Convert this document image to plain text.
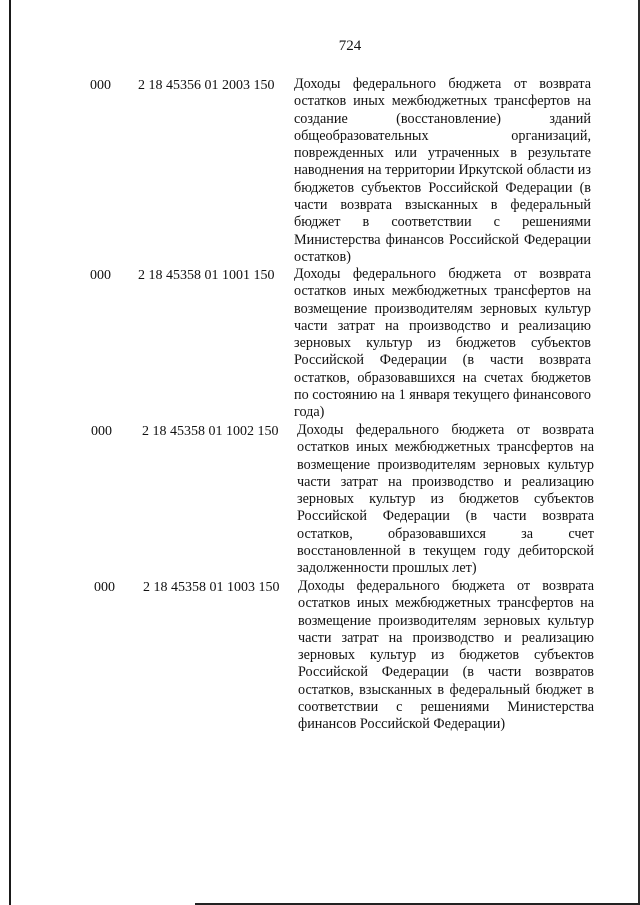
724
000 2 18 45356 01 2003 150 Доходы федерального бюджета от возврата остатков иных межбюджетных трансфертов на создание (восстановление) зданий общеобразовательных организаций, поврежденных или утраченных в результате наводнения на территории Иркутской области из бюджетов субъектов Российской Федерации (в части возврата взысканных в федеральный бюджет в соответствии с решениями Министерства финансов Российской Федерации остатков)
000 2 18 45358 01 1001 150 Доходы федерального бюджета от возврата остатков иных межбюджетных трансфертов на возмещение производителям зерновых культур части затрат на производство и реализацию зерновых культур из бюджетов субъектов Российской Федерации (в части возврата остатков, образовавшихся на счетах бюджетов по состоянию на 1 января текущего финансового года)
000 2 18 45358 01 1002 150 Доходы федерального бюджета от возврата остатков иных межбюджетных трансфертов на возмещение производителям зерновых культур части затрат на производство и реализацию зерновых культур из бюджетов субъектов Российской Федерации (в части возврата остатков, образовавшихся за счет восстановленной в текущем году дебиторской задолженности прошлых лет)
000 2 18 45358 01 1003 150 Доходы федерального бюджета от возврата остатков иных межбюджетных трансфертов на возмещение производителям зерновых культур части затрат на производство и реализацию зерновых культур из бюджетов субъектов Российской Федерации (в части возвратов остатков, взысканных в федеральный бюджет в соответствии с решениями Министерства финансов Российской Федерации)
